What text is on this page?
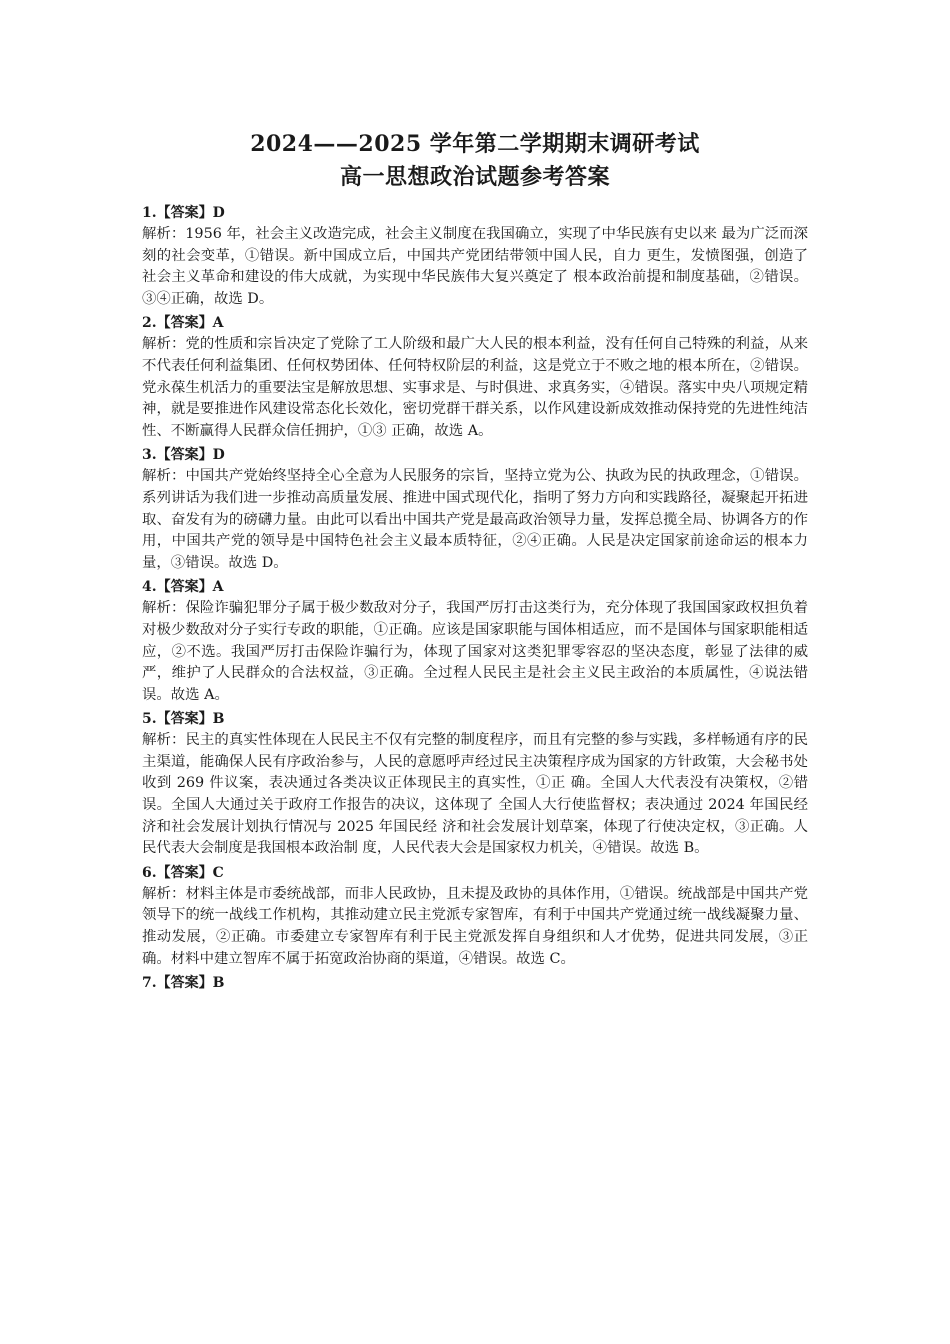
2024——2025 学年第二学期期末调研考试
高一思想政治试题参考答案

1.【答案】D

解析：1956 年，社会主义改造完成，社会主义制度在我国确立，实现了中华民族有史以来 最为广泛而深刻的社会变革，①错误。新中国成立后，中国共产党团结带领中国人民，自力 更生，发愤图强，创造了社会主义革命和建设的伟大成就，为实现中华民族伟大复兴奠定了 根本政治前提和制度基础，②错误。③④正确，故选 D。

2.【答案】A

解析：党的性质和宗旨决定了党除了工人阶级和最广大人民的根本利益，没有任何自己特殊的利益，从来不代表任何利益集团、任何权势团体、任何特权阶层的利益，这是党立于不败之地的根本所在，②错误。党永葆生机活力的重要法宝是解放思想、实事求是、与时俱进、求真务实，④错误。落实中央八项规定精神，就是要推进作风建设常态化长效化，密切党群干群关系，以作风建设新成效推动保持党的先进性纯洁性、不断赢得人民群众信任拥护，①③ 正确，故选 A。

3.【答案】D

解析：中国共产党始终坚持全心全意为人民服务的宗旨，坚持立党为公、执政为民的执政理念，①错误。系列讲话为我们进一步推动高质量发展、推进中国式现代化，指明了努力方向和实践路径，凝聚起开拓进取、奋发有为的磅礴力量。由此可以看出中国共产党是最高政治领导力量，发挥总揽全局、协调各方的作用，中国共产党的领导是中国特色社会主义最本质特征，②④正确。人民是决定国家前途命运的根本力量，③错误。故选 D。

4.【答案】A

解析：保险诈骗犯罪分子属于极少数敌对分子，我国严厉打击这类行为，充分体现了我国国家政权担负着对极少数敌对分子实行专政的职能，①正确。应该是国家职能与国体相适应，而不是国体与国家职能相适应，②不选。我国严厉打击保险诈骗行为，体现了国家对这类犯罪零容忍的坚决态度，彰显了法律的威严，维护了人民群众的合法权益，③正确。全过程人民民主是社会主义民主政治的本质属性，④说法错误。故选 A。

5.【答案】B

解析：民主的真实性体现在人民民主不仅有完整的制度程序，而且有完整的参与实践，多样畅通有序的民主渠道，能确保人民有序政治参与，人民的意愿呼声经过民主决策程序成为国家的方针政策，大会秘书处收到 269 件议案，表决通过各类决议正体现民主的真实性，①正 确。全国人大代表没有决策权，②错误。全国人大通过关于政府工作报告的决议，这体现了 全国人大行使监督权；表决通过 2024 年国民经济和社会发展计划执行情况与 2025 年国民经 济和社会发展计划草案，体现了行使决定权，③正确。人民代表大会制度是我国根本政治制 度，人民代表大会是国家权力机关，④错误。故选 B。

6.【答案】C

解析：材料主体是市委统战部，而非人民政协，且未提及政协的具体作用，①错误。统战部是中国共产党领导下的统一战线工作机构，其推动建立民主党派专家智库，有利于中国共产党通过统一战线凝聚力量、推动发展，②正确。市委建立专家智库有利于民主党派发挥自身组织和人才优势，促进共同发展，③正确。材料中建立智库不属于拓宽政治协商的渠道，④错误。故选 C。

7.【答案】B
